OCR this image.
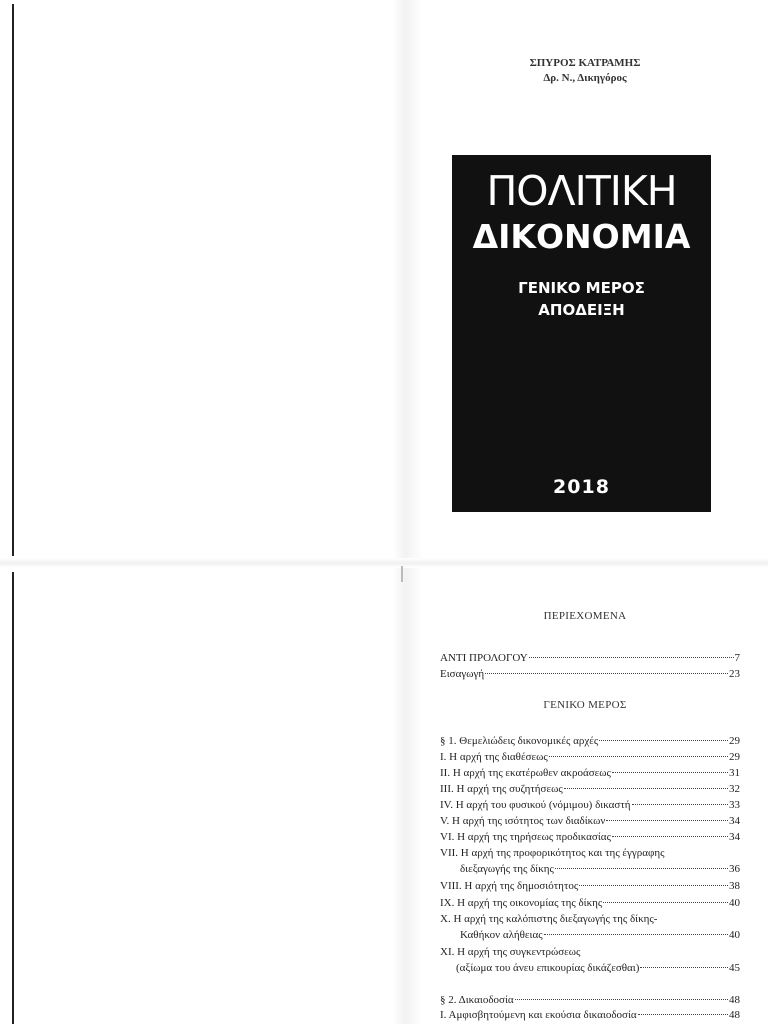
ΣΠΥΡΟΣ ΚΑΤΡΑΜΗΣ
Δρ. Ν., Δικηγόρος
ΠΟΛΙΤΙΚΗ
ΔΙΚΟΝΟΜΙΑ
ΓΕΝΙΚΟ ΜΕΡΟΣ
ΑΠΟΔΕΙΞΗ
2018
ΠΕΡΙΕΧΟΜΕΝΑ
ΑΝΤΙ ΠΡΟΛΟΓΟΥ	7
Εισαγωγή	23
ΓΕΝΙΚΟ ΜΕΡΟΣ
§ 1. Θεμελιώδεις δικονομικές αρχές	29
Ι. Η αρχή της διαθέσεως	29
ΙΙ. Η αρχή της εκατέρωθεν ακροάσεως	31
ΙΙΙ. Η αρχή της συζητήσεως	32
IV. Η αρχή του φυσικού (νόμιμου) δικαστή	33
V. Η αρχή της ισότητος των διαδίκων	34
VI. Η αρχή της τηρήσεως προδικασίας	34
VII. Η αρχή της προφορικότητος και της έγγραφης
διεξαγωγής της δίκης	36
VIII. Η αρχή της δημοσιότητος	38
IX. Η αρχή της οικονομίας της δίκης	40
Χ. Η αρχή της καλόπιστης διεξαγωγής της δίκης-
Καθήκον αλήθειας	40
ΧΙ. Η αρχή της συγκεντρώσεως
(αξίωμα του άνευ επικουρίας δικάζεσθαι)	45
§ 2. Δικαιοδοσία	48
Ι. Αμφισβητούμενη και εκούσια δικαιοδοσία	48
